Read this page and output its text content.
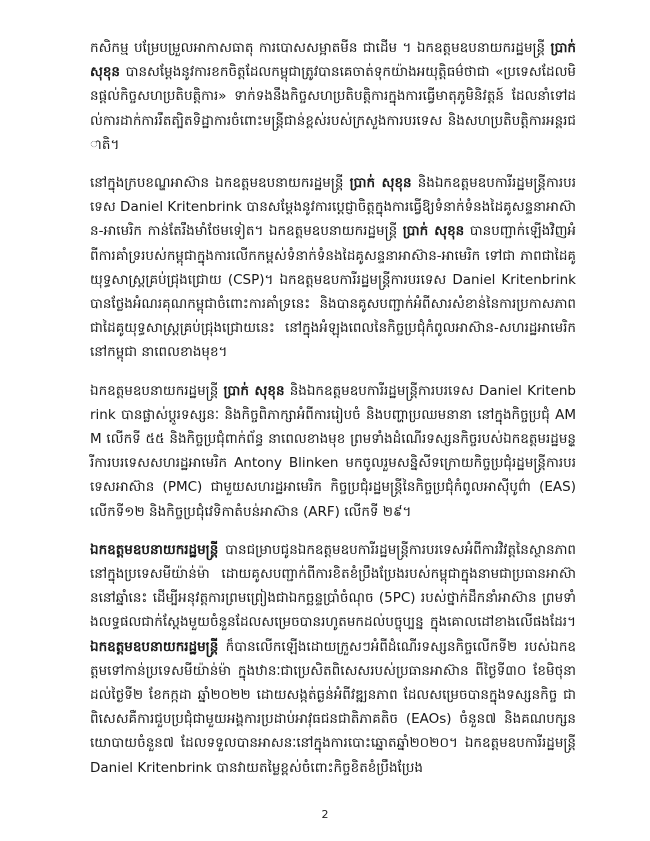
កសិកម្ម បម្រែបម្រួលអាកាសធាតុ ការបោសសម្អាតមីន ជាដើម ។ ឯកឧត្តមឧបនាយករដ្ឋមន្ត្រី ប្រាក់ សុខុន បានសម្តែងនូវការខកចិត្តដែលកម្ពុជាត្រូវបានគេចាត់ទុកយ៉ាងអយុត្តិធម៌ថាជា «ប្រទេសដែលមិនផ្តល់កិច្ចសហប្រតិបត្តិការ» ទាក់ទងនឹងកិច្ចសហប្រតិបត្តិការក្នុងការធ្វើមាតុភូមិនិវត្តន៍ ដែលនាំទៅដល់ការដាក់ការរឹតត្បិតទិដ្ឋាការចំពោះមន្ត្រីជាន់ខ្ពស់របស់ក្រសួងការបរទេស និងសហប្រតិបត្តិការអន្តរជាតិ។

នៅក្នុងក្របខណ្ឌអាស៊ាន ឯកឧត្តមឧបនាយករដ្ឋមន្ត្រី ប្រាក់ សុខុន និងឯកឧត្តមឧបការីរដ្ឋមន្ត្រីការបរទេស Daniel Kritenbrink បានសម្តែងនូវការប្តេជ្ញាចិត្តក្នុងការធ្វើឱ្យទំនាក់ទំនងដៃគូសន្ទនាអាស៊ាន-អាមេរិក កាន់តែរឹងមាំថែមទៀត។ ឯកឧត្តមឧបនាយករដ្ឋមន្ត្រី ប្រាក់ សុខុន បានបញ្ជាក់ឡើងវិញអំពីការគាំទ្ររបស់កម្ពុជាក្នុងការលើកកម្ពស់ទំនាក់ទំនងដៃគូសន្ទនាអាស៊ាន-អាមេរិក ទៅជា ភាពជាដៃគូយុទ្ធសាស្ត្រគ្រប់ជ្រុងជ្រោយ (CSP)។ ឯកឧត្តមឧបការីរដ្ឋមន្ត្រីការបរទេស Daniel Kritenbrink បានថ្លែងអំណរគុណកម្ពុជាចំពោះការគាំទ្រនេះ និងបានគូសបញ្ជាក់អំពីសារសំខាន់នៃការប្រកាសភាពជាដៃគូយុទ្ធសាស្ត្រគ្រប់ជ្រុងជ្រោយនេះ នៅក្នុងអំឡុងពេលនៃកិច្ចប្រជុំកំពូលអាស៊ាន-សហរដ្ឋអាមេរិក នៅកម្ពុជា នាពេលខាងមុខ។

ឯកឧត្តមឧបនាយករដ្ឋមន្ត្រី ប្រាក់ សុខុន និងឯកឧត្តមឧបការីរដ្ឋមន្ត្រីការបរទេស Daniel Kritenbrink បានផ្លាស់ប្តូរទស្សនៈ និងកិច្ចពិភាក្សាអំពីការរៀបចំ និងបញ្ហាប្រឈមនានា នៅក្នុងកិច្ចប្រជុំ AMM លើកទី ៥៥ និងកិច្ចប្រជុំពាក់ព័ន្ធ នាពេលខាងមុខ ព្រមទាំងដំណើរទស្សនកិច្ចរបស់ឯកឧត្តមរដ្ឋមន្ត្រីការបរទេសសហរដ្ឋអាមេរិក Antony Blinken មកចូលរួមសន្និសីទក្រោយកិច្ចប្រជុំរដ្ឋមន្ត្រីការបរទេសអាស៊ាន (PMC) ជាមួយសហរដ្ឋអាមេរិក កិច្ចប្រជុំរដ្ឋមន្ត្រីនៃកិច្ចប្រជុំកំពូលអាស៊ីបូព៌ា (EAS) លើកទី១២ និងកិច្ចប្រជុំវេទិកាតំបន់អាស៊ាន (ARF) លើកទី ២៩។

ឯកឧត្តមឧបនាយករដ្ឋមន្ត្រី បានជម្រាបជូនឯកឧត្តមឧបការីរដ្ឋមន្ត្រីការបរទេសអំពីការវិវត្តនៃស្ថានភាពនៅក្នុងប្រទេសមីយ៉ាន់ម៉ា ដោយគូសបញ្ជាក់ពីការខិតខំប្រឹងប្រែងរបស់កម្ពុជាក្នុងនាមជាប្រធានអាស៊ាននៅឆ្នាំនេះ ដើម្បីអនុវត្តការព្រមព្រៀងជាឯកច្ឆន្ទប្រាំចំណុច (5PC) របស់ថ្នាក់ដឹកនាំអាស៊ាន ព្រមទាំងលទ្ធផលជាក់ស្តែងមួយចំនួនដែលសម្រេចបានរហូតមកដល់បច្ចុប្បន្ន ក្នុងគោលដៅខាងលើផងដែរ។ ឯកឧត្តមឧបនាយករដ្ឋមន្ត្រី ក៏បានលើកឡើងដោយក្រួសៗអំពីដំណើរទស្សនកិច្ចលើកទី២ របស់ឯកឧត្តមទៅកាន់ប្រទេសមីយ៉ាន់ម៉ា ក្នុងឋានៈជាប្រេសិតពិសេសរបស់ប្រធានអាស៊ាន ពីថ្ងៃទី៣០ ខែមិថុនា ដល់ថ្ងៃទី២ ខែកក្កដា ឆ្នាំ២០២២ ដោយសង្កត់ធ្ងន់អំពីវឌ្ឍនភាព ដែលសម្រេចបានក្នុងទស្សនកិច្ច ជាពិសេសគឺការជួបប្រជុំជាមួយអង្គការប្រដាប់អាវុធជនជាតិភាគតិច (EAOs) ចំនួន៧ និងគណបក្សនយោបាយចំនួន៧ ដែលទទួលបានអាសនៈនៅក្នុងការបោះឆ្នោតឆ្នាំ២០២០។ ឯកឧត្តមឧបការីរដ្ឋមន្ត្រី Daniel Kritenbrink បានវាយតម្លៃខ្ពស់ចំពោះកិច្ចខិតខំប្រឹងប្រែង

2
